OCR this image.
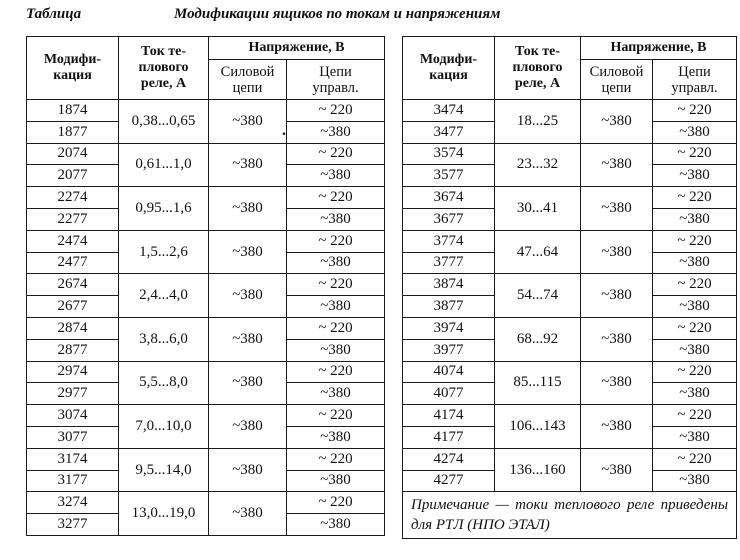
Таблица	Модификации ящиков по токам и напряжениям
Модифи-
кация	Ток те-
плового
реле, А	Напряжение, В	
		Силовой
цепи	Цепи
управл.
1874	0,38...0,65	~380	~ 220
1877			~380
2074	0,61...1,0	~380	~ 220
2077			~380
2274	0,95...1,6	~380	~ 220
2277			~380
2474	1,5...2,6	~380	~ 220
2477			~380
2674	2,4...4,0	~380	~ 220
2677			~380
2874	3,8...6,0	~380	~ 220
2877			~380
2974	5,5...8,0	~380	~ 220
2977			~380
3074	7,0...10,0	~380	~ 220
3077			~380
3174	9,5...14,0	~380	~ 220
3177			~380
3274	13,0...19,0	~380	~ 220
3277			~380
.
Модифи-
кация	Ток те-
плового
реле, А	Напряжение, В	
		Силовой
цепи	Цепи
управл.
3474	18...25	~380	~ 220
3477			~380
3574	23...32	~380	~ 220
3577			~380
3674	30...41	~380	~ 220
3677			~380
3774	47...64	~380	~ 220
3777			~380
3874	54...74	~380	~ 220
3877			~380
3974	68...92	~380	~ 220
3977			~380
4074	85...115	~380	~ 220
4077			~380
4174	106...143	~380	~ 220
4177			~380
4274	136...160	~380	~ 220
4277			~380
Примечание — токи теплового реле приведены для РТЛ (НПО ЭТАЛ)			
